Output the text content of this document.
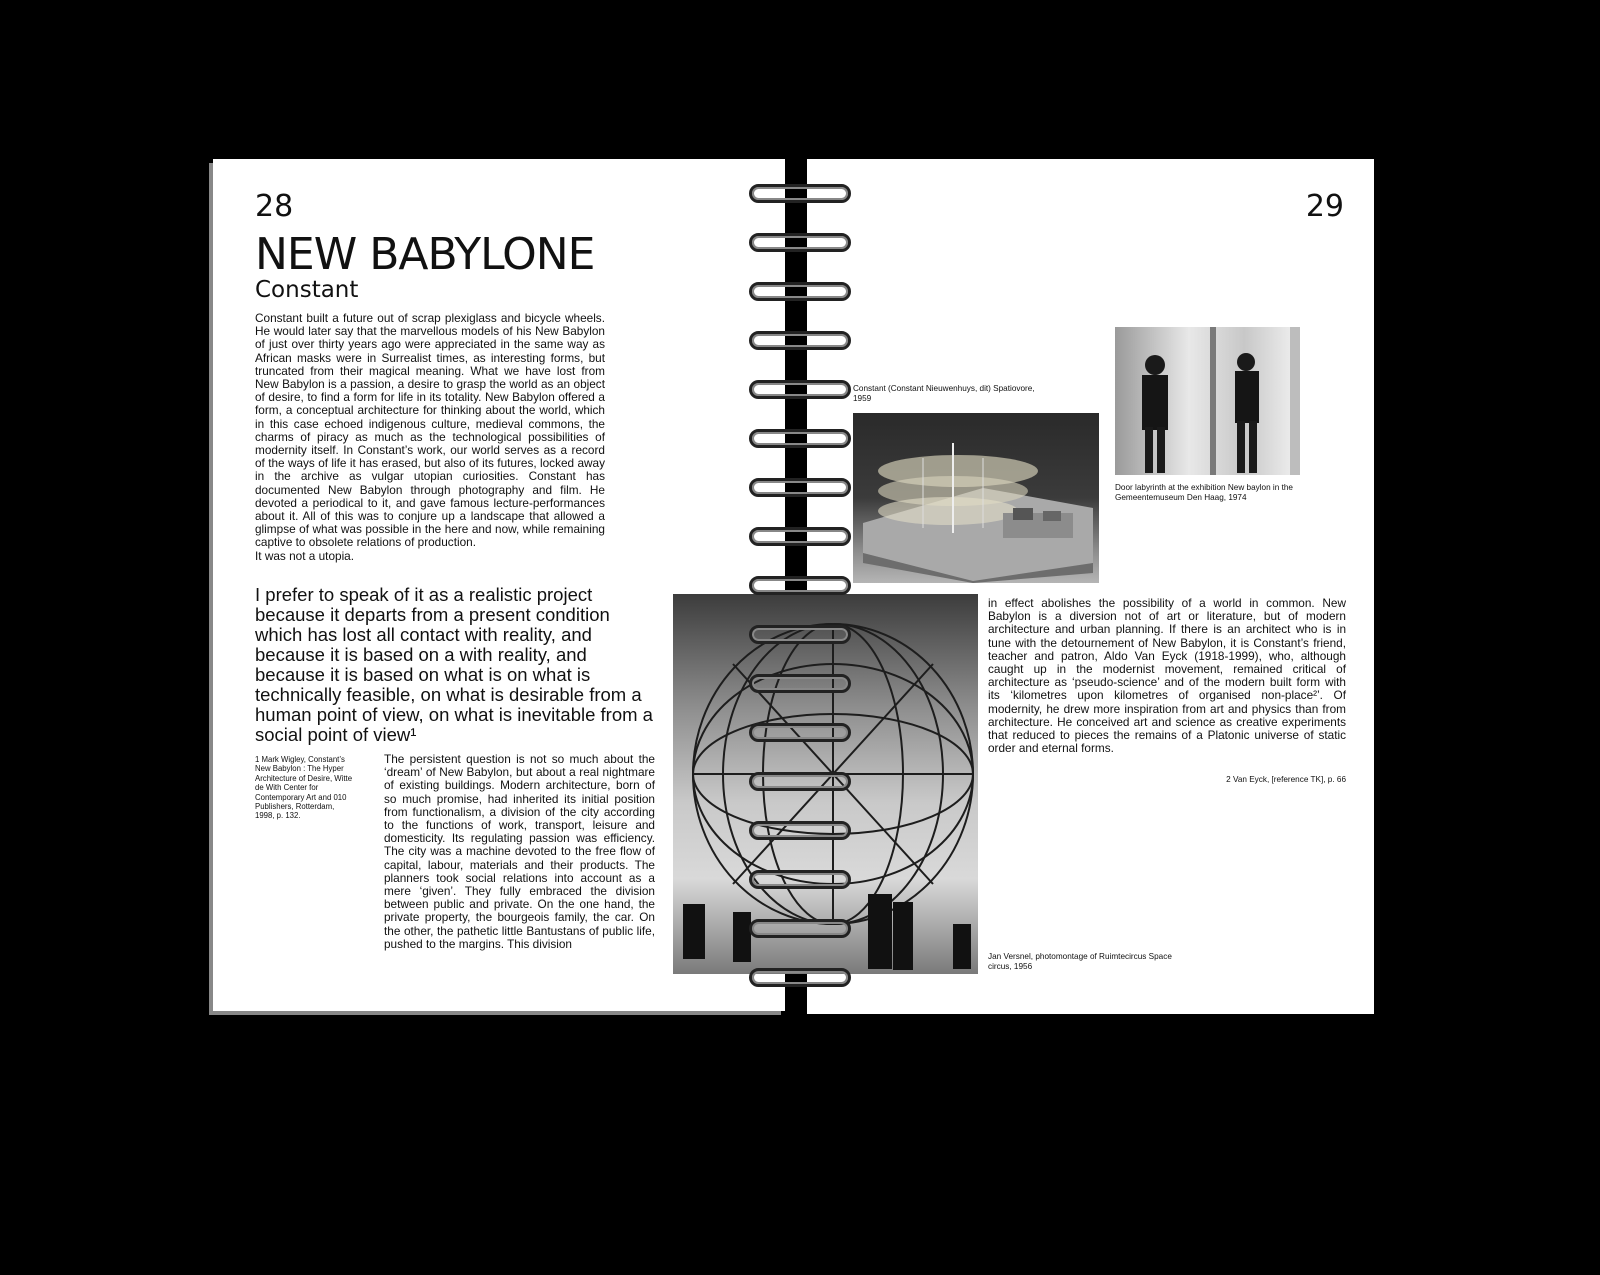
28
NEW BABYLONE
Constant

Constant built a future out of scrap plexiglass and bicycle wheels. He would later say that the marvellous models of his New Babylon of just over thirty years ago were appreciated in the same way as African masks were in Surrealist times, as interesting forms, but truncated from their magical meaning. What we have lost from New Babylon is a passion, a desire to grasp the world as an object of desire, to find a form for life in its totality. New Babylon offered a form, a conceptual architecture for thinking about the world, which in this case echoed indigenous culture, medieval commons, the charms of piracy as much as the technological possibilities of modernity itself. In Constant’s work, our world serves as a record of the ways of life it has erased, but also of its futures, locked away in the archive as vulgar utopian curiosities. Constant has documented New Babylon through photography and film. He devoted a periodical to it, and gave famous lecture-performances about it. All of this was to conjure up a landscape that allowed a glimpse of what was possible in the here and now, while remaining captive to obsolete relations of production.

It was not a utopia.

I prefer to speak of it as a realistic project because it departs from a present condition which has lost all contact with reality, and because it is based on a with reality, and because it is based on what is on what is technically feasible, on what is desirable from a human point of view, on what is inevitable from a social point of view¹
1 Mark Wigley, Constant’s New Babylon : The Hyper Architecture of Desire, Witte de With Center for Contemporary Art and 010 Publishers, Rotterdam, 1998, p. 132.
The persistent question is not so much about the ‘dream’ of New Babylon, but about a real nightmare of existing buildings. Modern architecture, born of so much promise, had inherited its initial position from functionalism, a division of the city according to the functions of work, transport, leisure and domesticity. Its regulating passion was efficiency. The city was a machine devoted to the free flow of capital, labour, materials and their products. The planners took social relations into account as a mere ‘given’. They fully embraced the division between public and private. On the one hand, the private property, the bourgeois family, the car. On the other, the pathetic little Bantustans of public life, pushed to the margins. This division
29
Constant (Constant Nieuwenhuys, dit) Spatiovore, 1959
Door labyrinth at the exhibition New baylon in the Gemeentemuseum Den Haag, 1974
Jan Versnel, photomontage of Ruimtecircus Space circus, 1956
in effect abolishes the possibility of a world in common. New Babylon is a diversion not of art or literature, but of modern architecture and urban planning. If there is an architect who is in tune with the detournement of New Babylon, it is Constant’s friend, teacher and patron, Aldo Van Eyck (1918-1999), who, although caught up in the modernist movement, remained critical of architecture as ‘pseudo-science’ and of the modern built form with its ‘kilometres upon kilometres of organised non-place²’. Of modernity, he drew more inspiration from art and physics than from architecture. He conceived art and science as creative experiments that reduced to pieces the remains of a Platonic universe of static order and eternal forms.
2 Van Eyck, [reference TK], p. 66
